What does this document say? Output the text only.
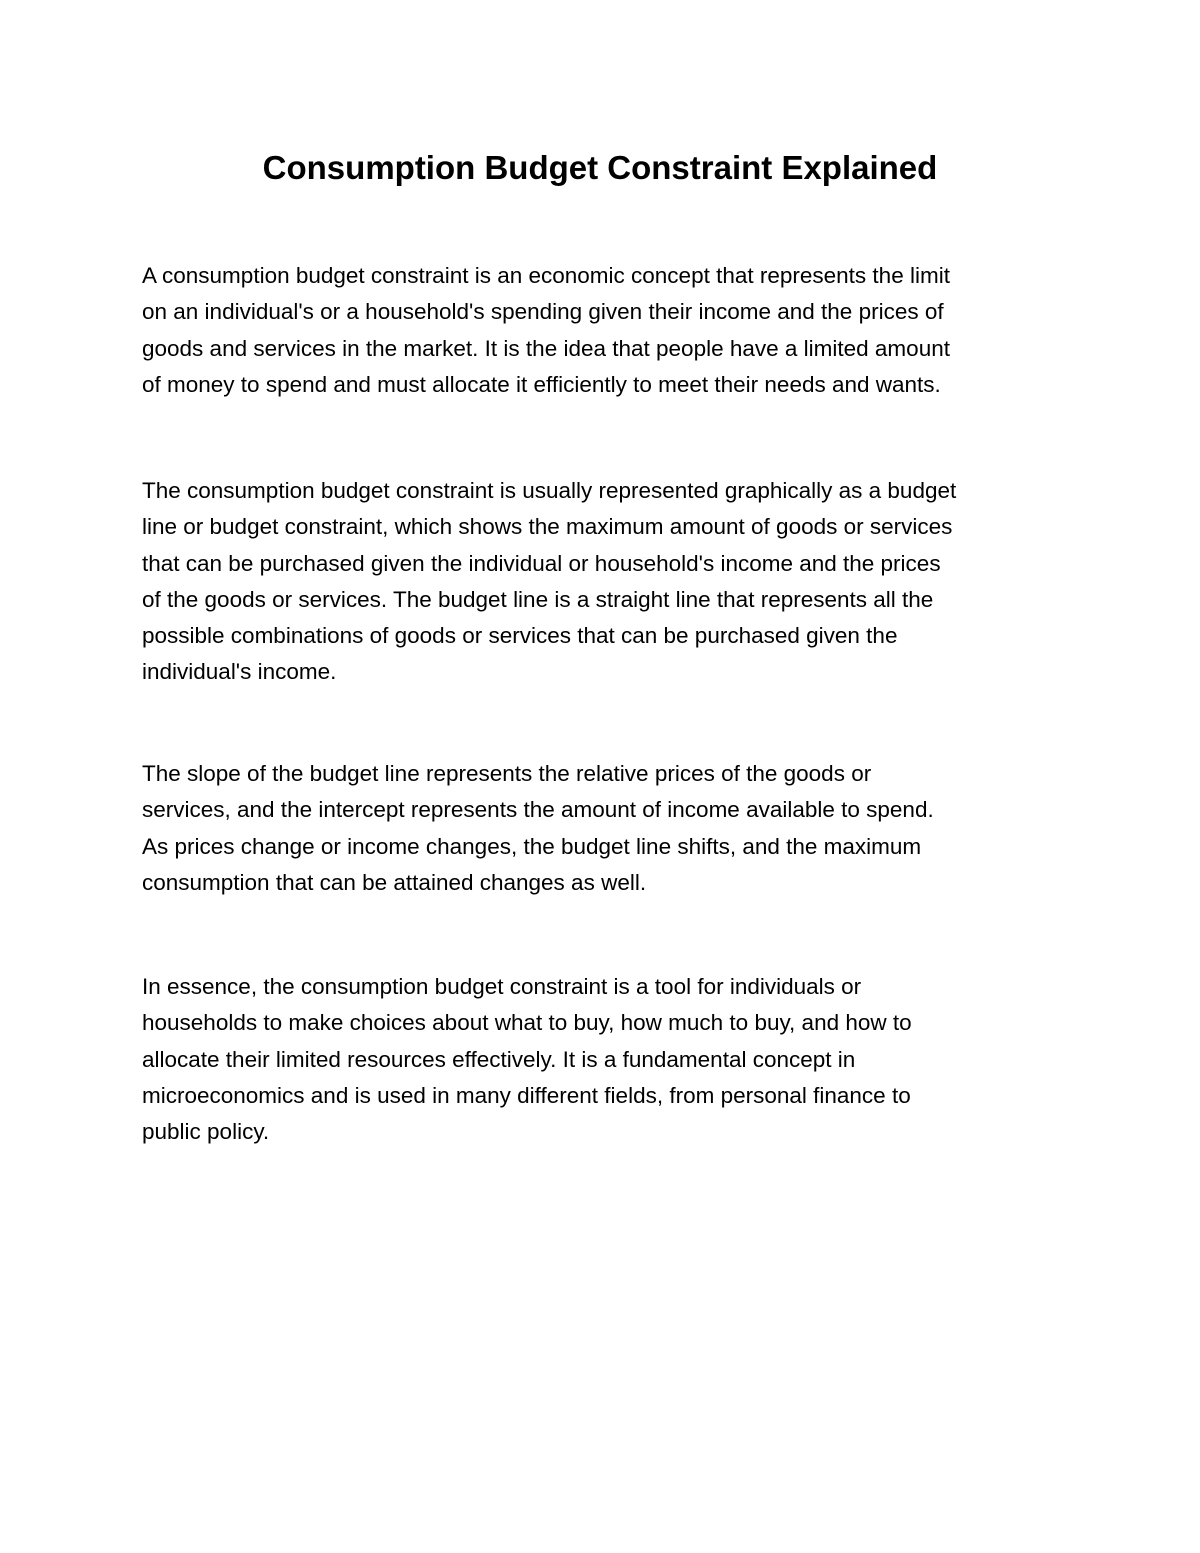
Consumption Budget Constraint Explained

A consumption budget constraint is an economic concept that represents the limit
on an individual's or a household's spending given their income and the prices of
goods and services in the market. It is the idea that people have a limited amount
of money to spend and must allocate it efficiently to meet their needs and wants.

The consumption budget constraint is usually represented graphically as a budget
line or budget constraint, which shows the maximum amount of goods or services
that can be purchased given the individual or household's income and the prices
of the goods or services. The budget line is a straight line that represents all the
possible combinations of goods or services that can be purchased given the
individual's income.

The slope of the budget line represents the relative prices of the goods or
services, and the intercept represents the amount of income available to spend.
As prices change or income changes, the budget line shifts, and the maximum
consumption that can be attained changes as well.

In essence, the consumption budget constraint is a tool for individuals or
households to make choices about what to buy, how much to buy, and how to
allocate their limited resources effectively. It is a fundamental concept in
microeconomics and is used in many different fields, from personal finance to
public policy.
